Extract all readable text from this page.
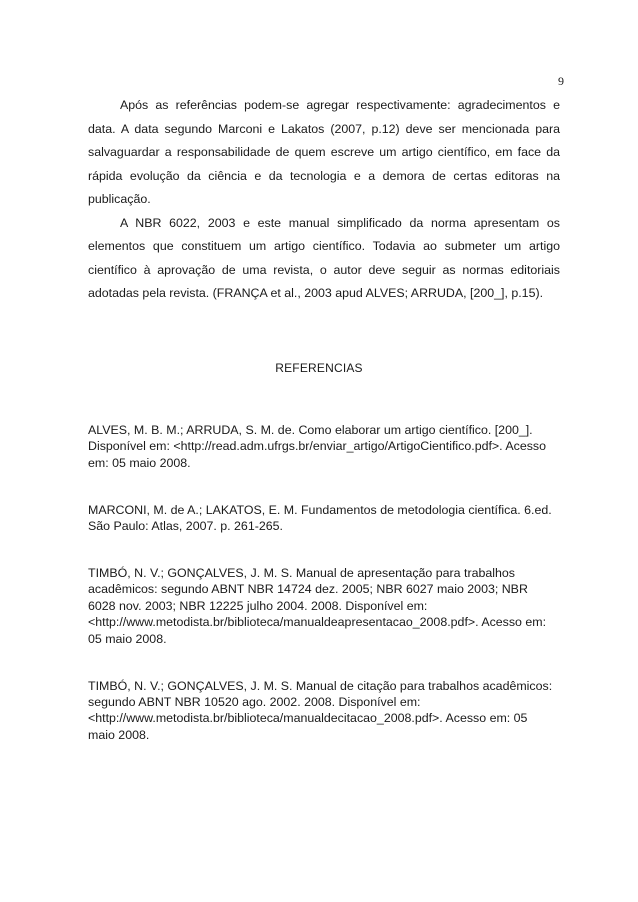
9

Após as referências podem-se agregar respectivamente: agradecimentos e data. A data segundo Marconi e Lakatos (2007, p.12) deve ser mencionada para salvaguardar a responsabilidade de quem escreve um artigo científico, em face da rápida evolução da ciência e da tecnologia e a demora de certas editoras na publicação.

A NBR 6022, 2003 e este manual simplificado da norma apresentam os elementos que constituem um artigo científico. Todavia ao submeter um artigo científico à aprovação de uma revista, o autor deve seguir as normas editoriais adotadas pela revista. (FRANÇA et al., 2003 apud ALVES; ARRUDA, [200_], p.15).

REFERENCIAS
ALVES, M. B. M.; ARRUDA, S. M. de. Como elaborar um artigo científico. [200_].
Disponível em: <http://read.adm.ufrgs.br/enviar_artigo/ArtigoCientifico.pdf>. Acesso
em: 05 maio 2008.
MARCONI, M. de A.; LAKATOS, E. M. Fundamentos de metodologia científica. 6.ed.
São Paulo: Atlas, 2007. p. 261-265.
TIMBÓ, N. V.; GONÇALVES, J. M. S. Manual de apresentação para trabalhos
acadêmicos: segundo ABNT NBR 14724 dez. 2005; NBR 6027 maio 2003; NBR
6028 nov. 2003; NBR 12225 julho 2004. 2008. Disponível em:
<http://www.metodista.br/biblioteca/manualdeapresentacao_2008.pdf>. Acesso em:
05 maio 2008.
TIMBÓ, N. V.; GONÇALVES, J. M. S. Manual de citação para trabalhos acadêmicos:
segundo ABNT NBR 10520 ago. 2002. 2008. Disponível em:
<http://www.metodista.br/biblioteca/manualdecitacao_2008.pdf>. Acesso em: 05
maio 2008.
